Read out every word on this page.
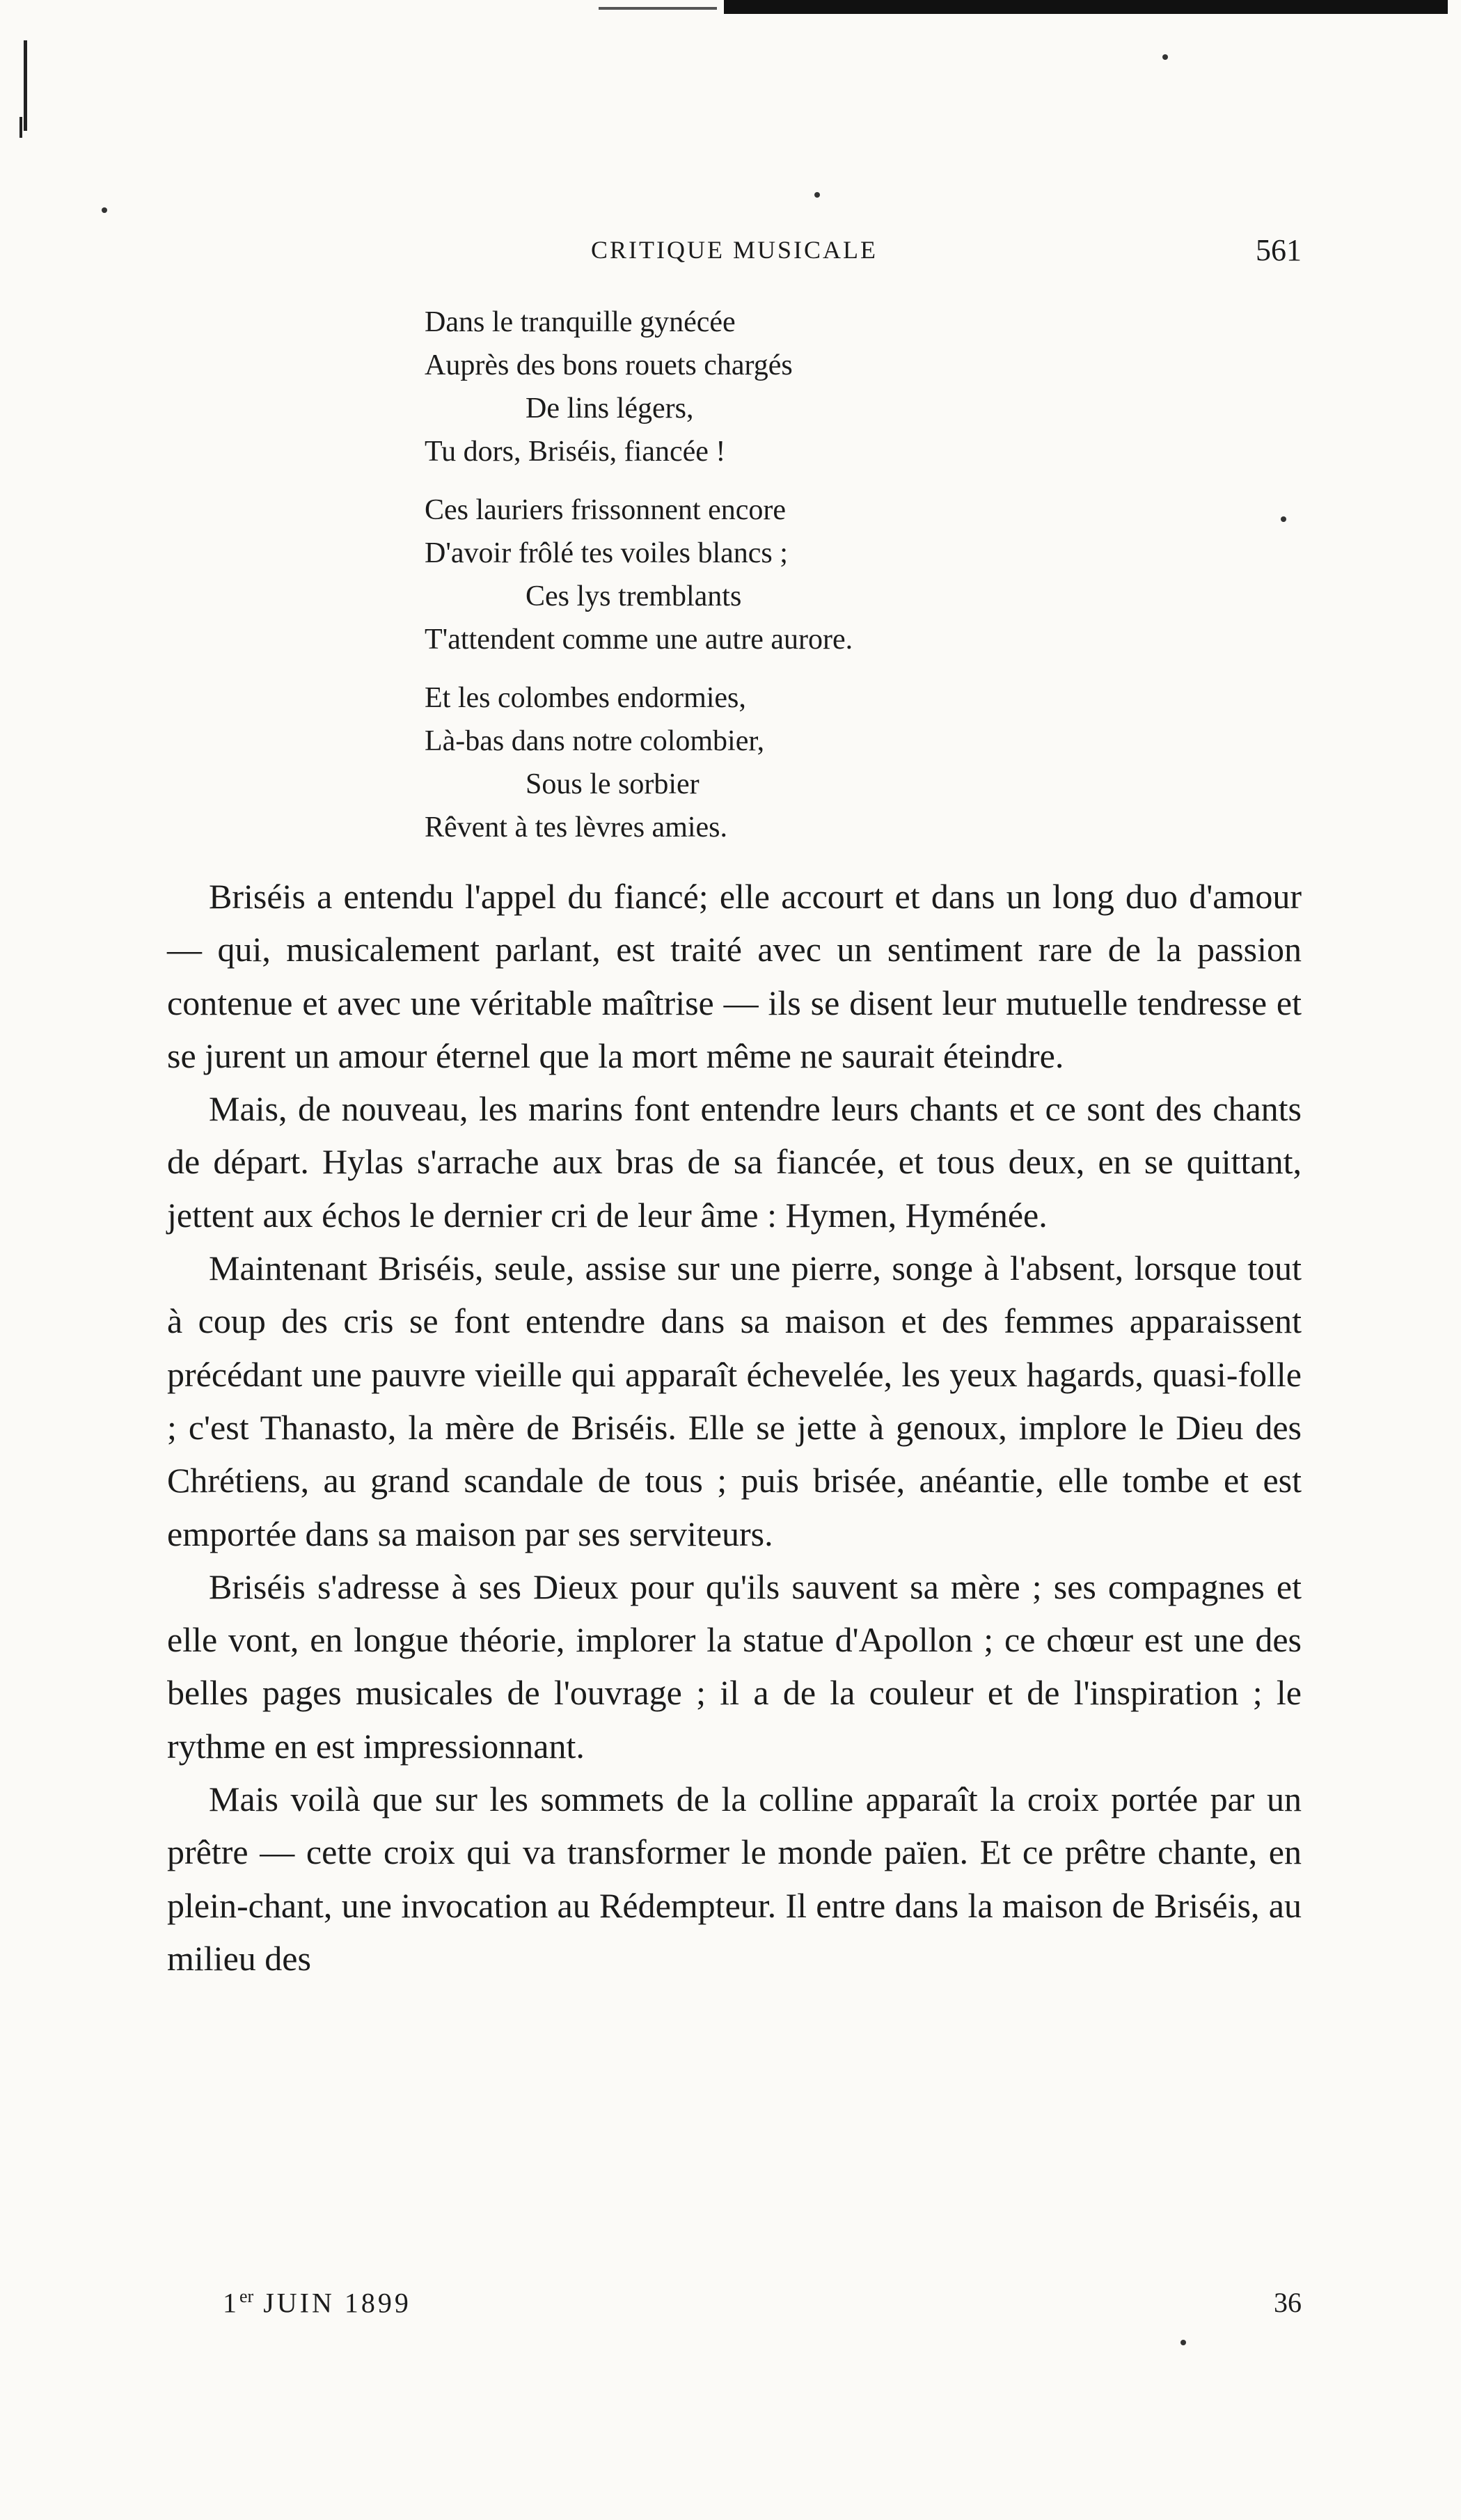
CRITIQUE MUSICALE	561
Dans le tranquille gynécée
Auprès des bons rouets chargés
De lins légers,
Tu dors, Briséis, fiancée !
Ces lauriers frissonnent encore
D'avoir frôlé tes voiles blancs ;
Ces lys tremblants
T'attendent comme une autre aurore.
Et les colombes endormies,
Là-bas dans notre colombier,
Sous le sorbier
Rêvent à tes lèvres amies.

Briséis a entendu l'appel du fiancé; elle accourt et dans un long duo d'amour — qui, musicalement parlant, est traité avec un sentiment rare de la passion contenue et avec une véritable maîtrise — ils se disent leur mutuelle tendresse et se jurent un amour éternel que la mort même ne saurait éteindre.

Mais, de nouveau, les marins font entendre leurs chants et ce sont des chants de départ. Hylas s'arrache aux bras de sa fiancée, et tous deux, en se quittant, jettent aux échos le dernier cri de leur âme : Hymen, Hyménée.

Maintenant Briséis, seule, assise sur une pierre, songe à l'absent, lorsque tout à coup des cris se font entendre dans sa maison et des femmes apparaissent précédant une pauvre vieille qui apparaît échevelée, les yeux hagards, quasi-folle ; c'est Thanasto, la mère de Briséis. Elle se jette à genoux, implore le Dieu des Chrétiens, au grand scandale de tous ; puis brisée, anéantie, elle tombe et est emportée dans sa maison par ses serviteurs.

Briséis s'adresse à ses Dieux pour qu'ils sauvent sa mère ; ses compagnes et elle vont, en longue théorie, implorer la statue d'Apollon ; ce chœur est une des belles pages musicales de l'ouvrage ; il a de la couleur et de l'inspiration ; le rythme en est impressionnant.

Mais voilà que sur les sommets de la colline apparaît la croix portée par un prêtre — cette croix qui va transformer le monde païen. Et ce prêtre chante, en plein-chant, une invocation au Rédempteur. Il entre dans la maison de Briséis, au milieu des

1er JUIN 1899	36
